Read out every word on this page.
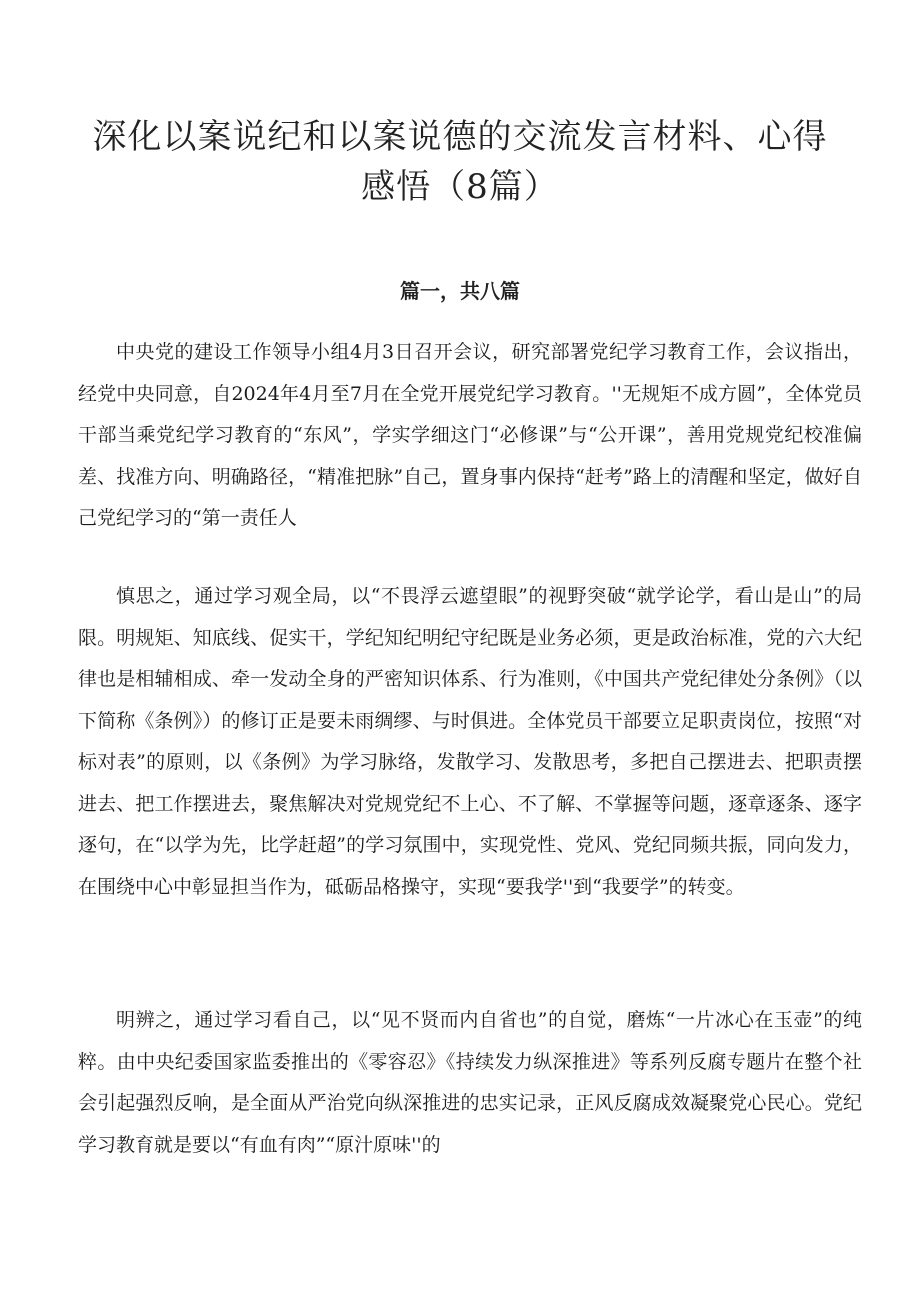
深化以案说纪和以案说德的交流发言材料、心得感悟（8篇）
篇一，共八篇

中央党的建设工作领导小组4月3日召开会议，研究部署党纪学习教育工作，会议指出，经党中央同意，自2024年4月至7月在全党开展党纪学习教育。''无规矩不成方圆”，全体党员干部当乘党纪学习教育的“东风”，学实学细这门“必修课”与“公开课”，善用党规党纪校准偏差、找准方向、明确路径，“精准把脉”自己，置身事内保持“赶考”路上的清醒和坚定，做好自己党纪学习的“第一责任人

慎思之，通过学习观全局，以“不畏浮云遮望眼”的视野突破“就学论学，看山是山”的局限。明规矩、知底线、促实干，学纪知纪明纪守纪既是业务必须，更是政治标准，党的六大纪律也是相辅相成、牵一发动全身的严密知识体系、行为准则，《中国共产党纪律处分条例》（以下简称《条例》）的修订正是要未雨绸缪、与时俱进。全体党员干部要立足职责岗位，按照“对标对表”的原则，以《条例》为学习脉络，发散学习、发散思考，多把自己摆进去、把职责摆进去、把工作摆进去，聚焦解决对党规党纪不上心、不了解、不掌握等问题，逐章逐条、逐字逐句，在“以学为先，比学赶超”的学习氛围中，实现党性、党风、党纪同频共振，同向发力，在围绕中心中彰显担当作为，砥砺品格操守，实现“要我学''到“我要学”的转变。

明辨之，通过学习看自己，以“见不贤而内自省也”的自觉，磨炼“一片冰心在玉壶”的纯粹。由中央纪委国家监委推出的《零容忍》《持续发力纵深推进》等系列反腐专题片在整个社会引起强烈反响，是全面从严治党向纵深推进的忠实记录，正风反腐成效凝聚党心民心。党纪学习教育就是要以“有血有肉”“原汁原味''的
